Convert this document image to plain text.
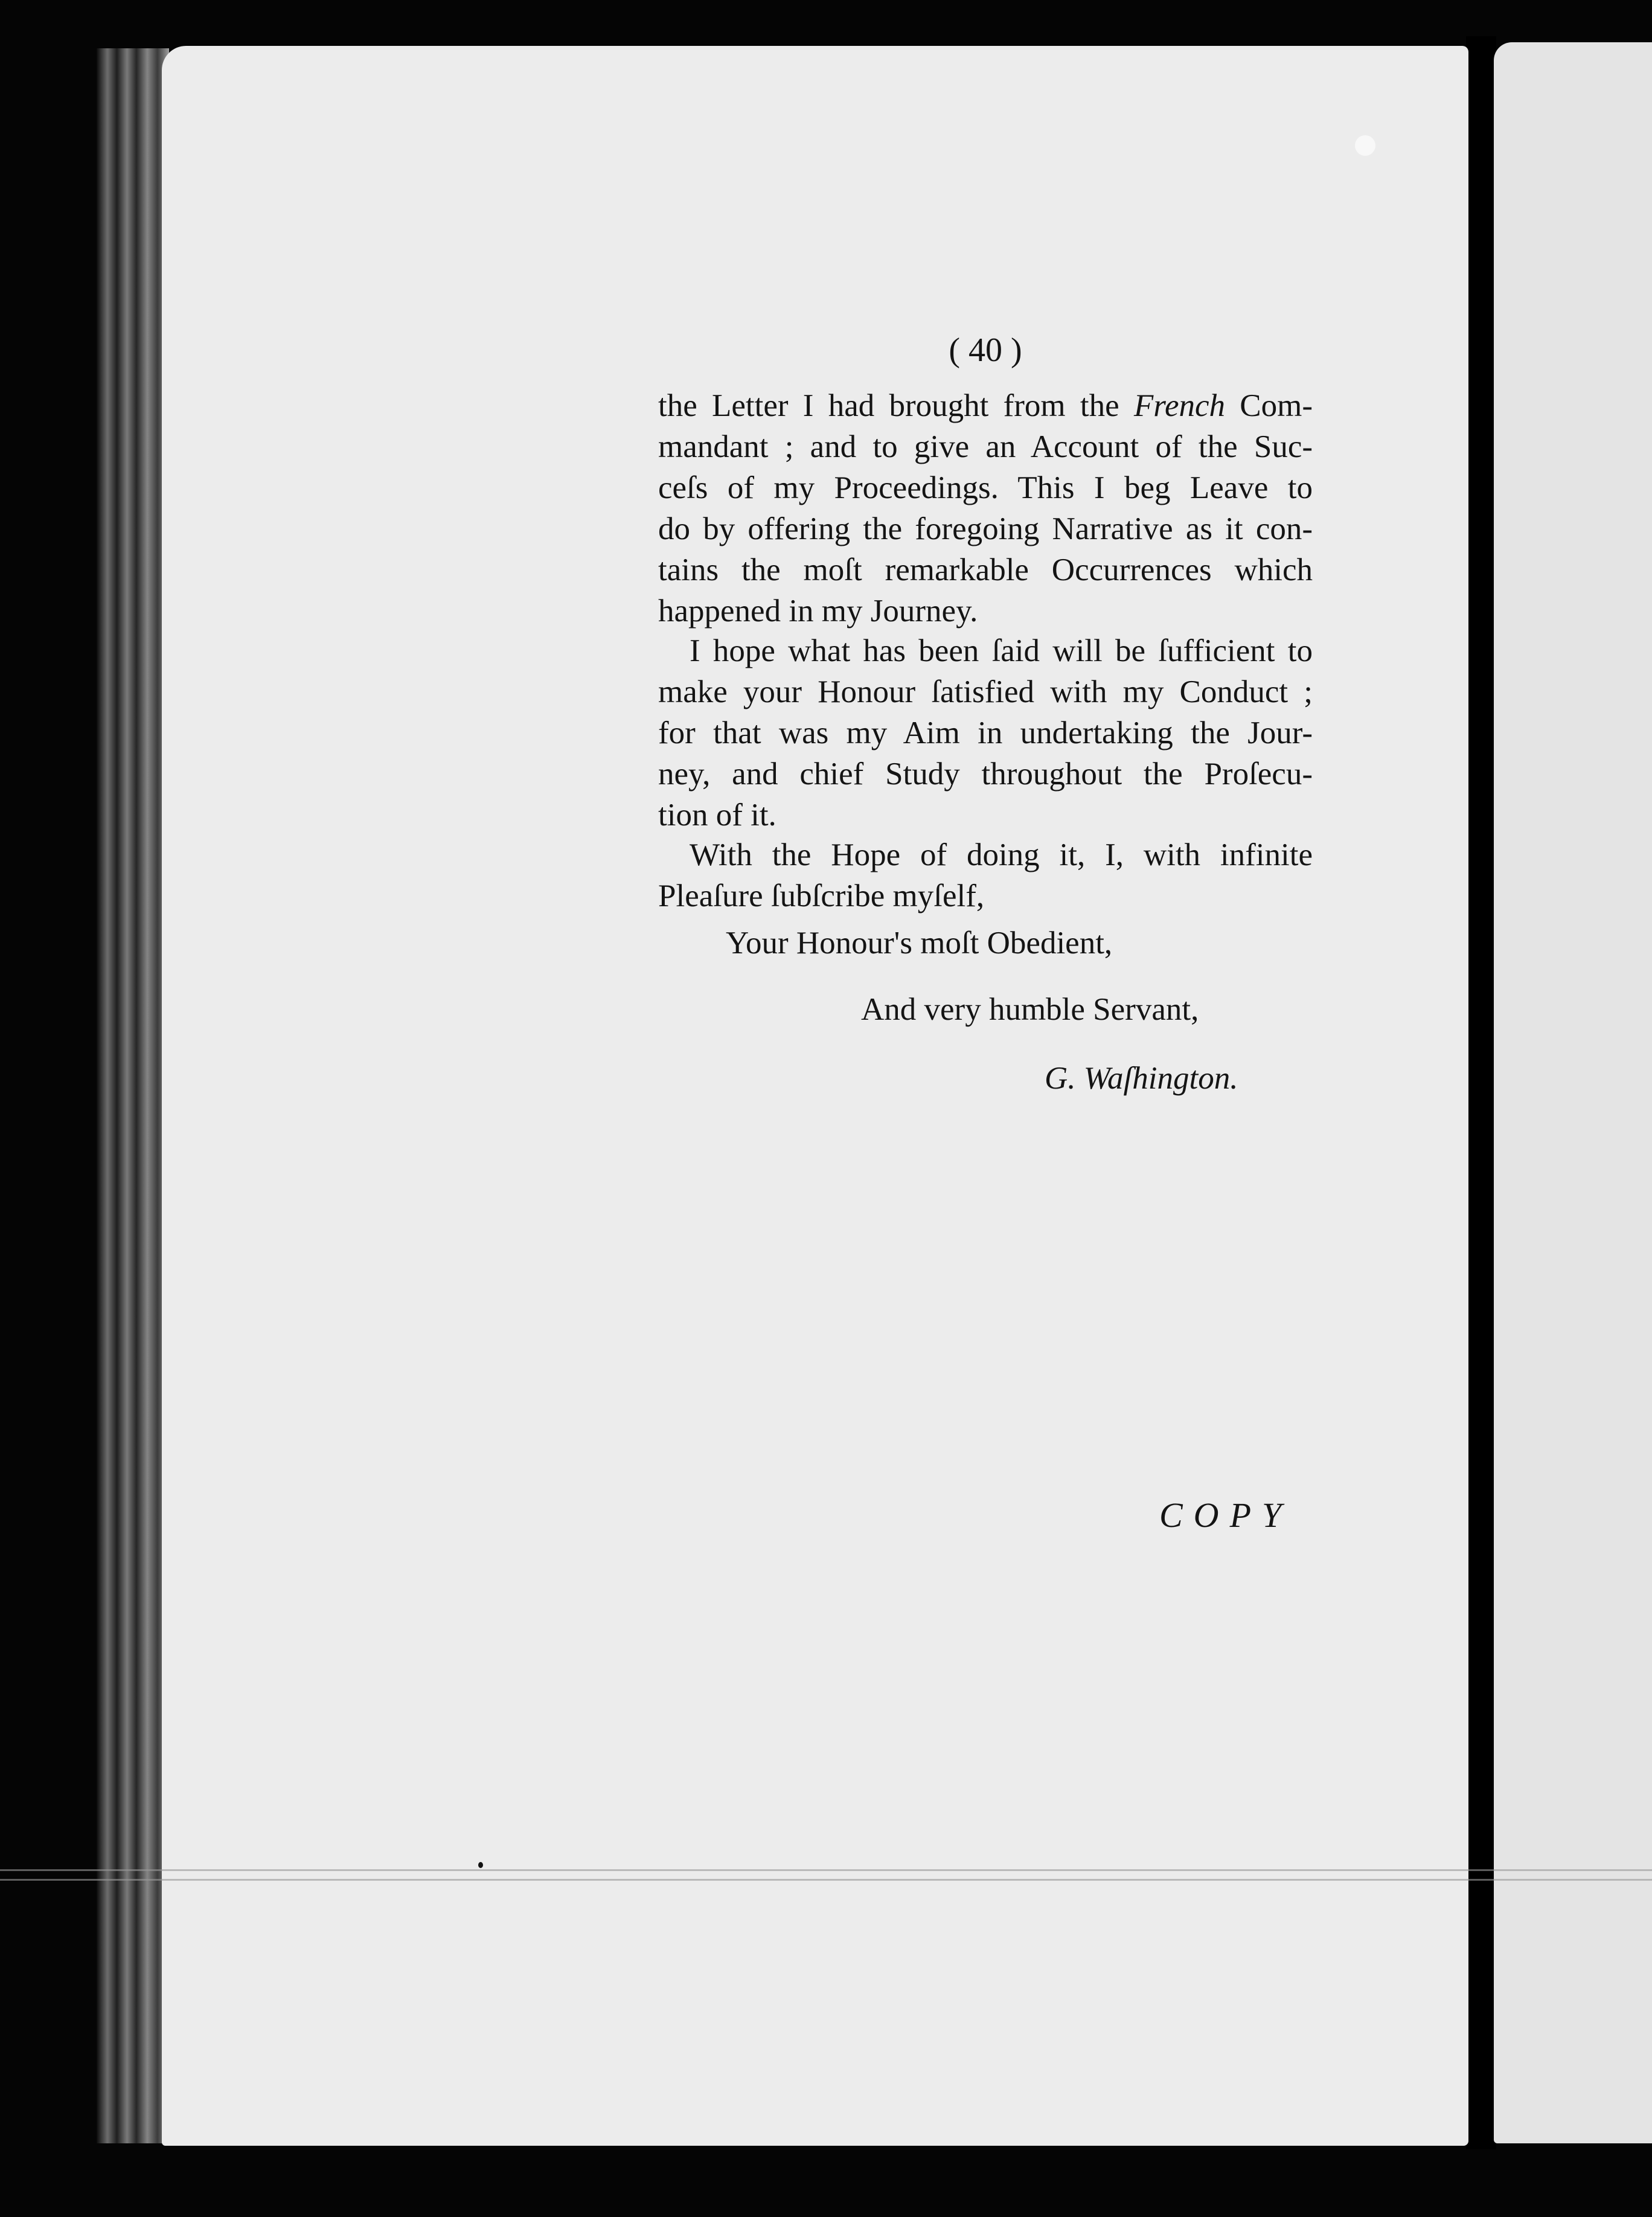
( 40 )
the Letter I had brought from the French Com-
mandant ; and to give an Account of the Suc-
ceſs of my Proceedings. This I beg Leave to
do by offering the foregoing Narrative as it con-
tains the moſt remarkable Occurrences which
happened in my Journey.
I hope what has been ſaid will be ſufficient to
make your Honour ſatisfied with my Conduct ;
for that was my Aim in undertaking the Jour-
ney, and chief Study throughout the Proſecu-
tion of it.
With the Hope of doing it, I, with infinite
Pleaſure ſubſcribe myſelf,
Your Honour's moſt Obedient,
And very humble Servant,
G. Waſhington.
COPY
